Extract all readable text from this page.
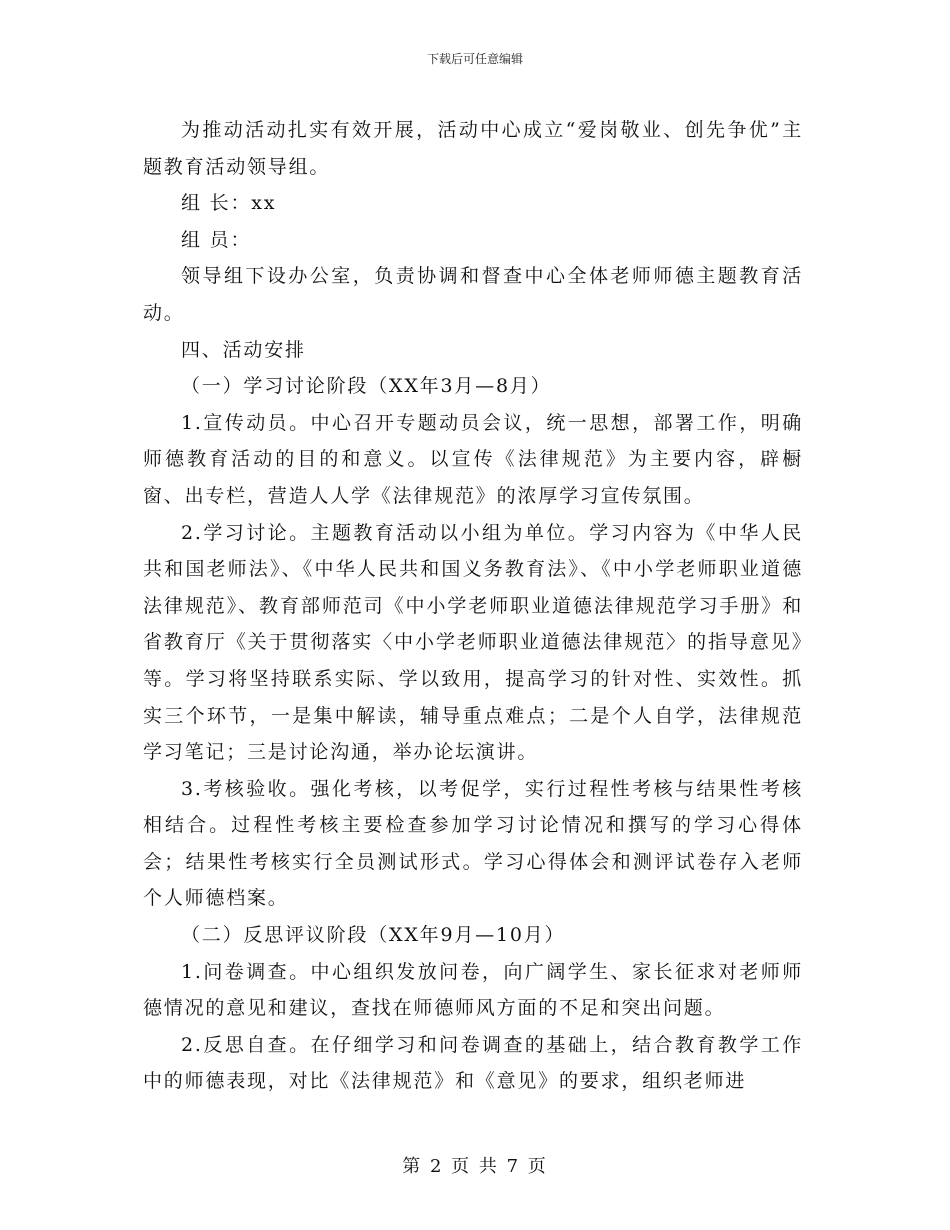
下载后可任意编辑

为推动活动扎实有效开展，活动中心成立“爱岗敬业、创先争优”主题教育活动领导组。

组 长：xx

组 员：

领导组下设办公室，负责协调和督查中心全体老师师德主题教育活动。

四、活动安排

（一）学习讨论阶段（XX年3月—8月）

1.宣传动员。中心召开专题动员会议，统一思想，部署工作，明确师德教育活动的目的和意义。以宣传《法律规范》为主要内容，辟橱窗、出专栏，营造人人学《法律规范》的浓厚学习宣传氛围。

2.学习讨论。主题教育活动以小组为单位。学习内容为《中华人民共和国老师法》、《中华人民共和国义务教育法》、《中小学老师职业道德法律规范》、教育部师范司《中小学老师职业道德法律规范学习手册》和省教育厅《关于贯彻落实〈中小学老师职业道德法律规范〉的指导意见》等。学习将坚持联系实际、学以致用，提高学习的针对性、实效性。抓实三个环节，一是集中解读，辅导重点难点；二是个人自学，法律规范学习笔记；三是讨论沟通，举办论坛演讲。

3.考核验收。强化考核，以考促学，实行过程性考核与结果性考核相结合。过程性考核主要检查参加学习讨论情况和撰写的学习心得体会；结果性考核实行全员测试形式。学习心得体会和测评试卷存入老师个人师德档案。

（二）反思评议阶段（XX年9月—10月）

1.问卷调查。中心组织发放问卷，向广阔学生、家长征求对老师师德情况的意见和建议，查找在师德师风方面的不足和突出问题。

2.反思自查。在仔细学习和问卷调查的基础上，结合教育教学工作中的师德表现，对比《法律规范》和《意见》的要求，组织老师进

第 2 页 共 7 页
